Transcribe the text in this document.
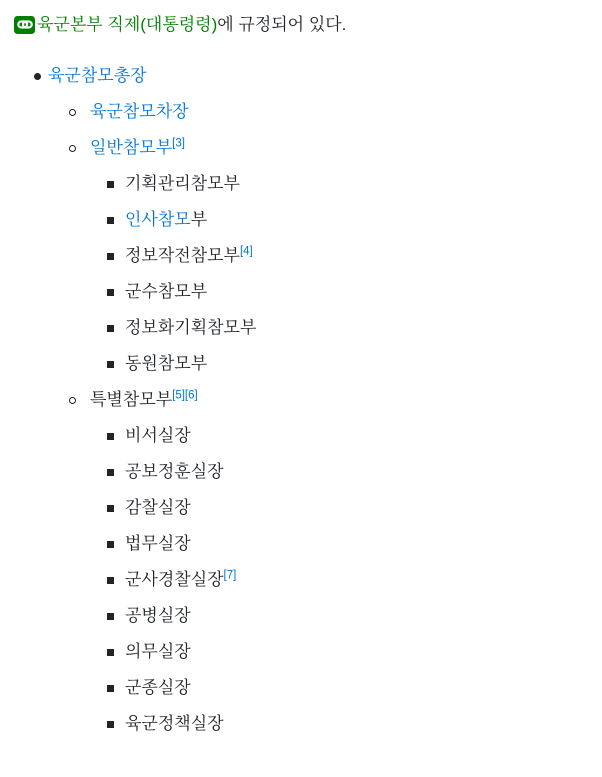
육군본부 직제(대통령령)에 규정되어 있다.

육군참모총장
육군참모차장
일반참모부[3]
기획관리참모부
인사참모부
정보작전참모부[4]
군수참모부
정보화기획참모부
동원참모부
특별참모부[5][6]
비서실장
공보정훈실장
감찰실장
법무실장
군사경찰실장[7]
공병실장
의무실장
군종실장
육군정책실장
